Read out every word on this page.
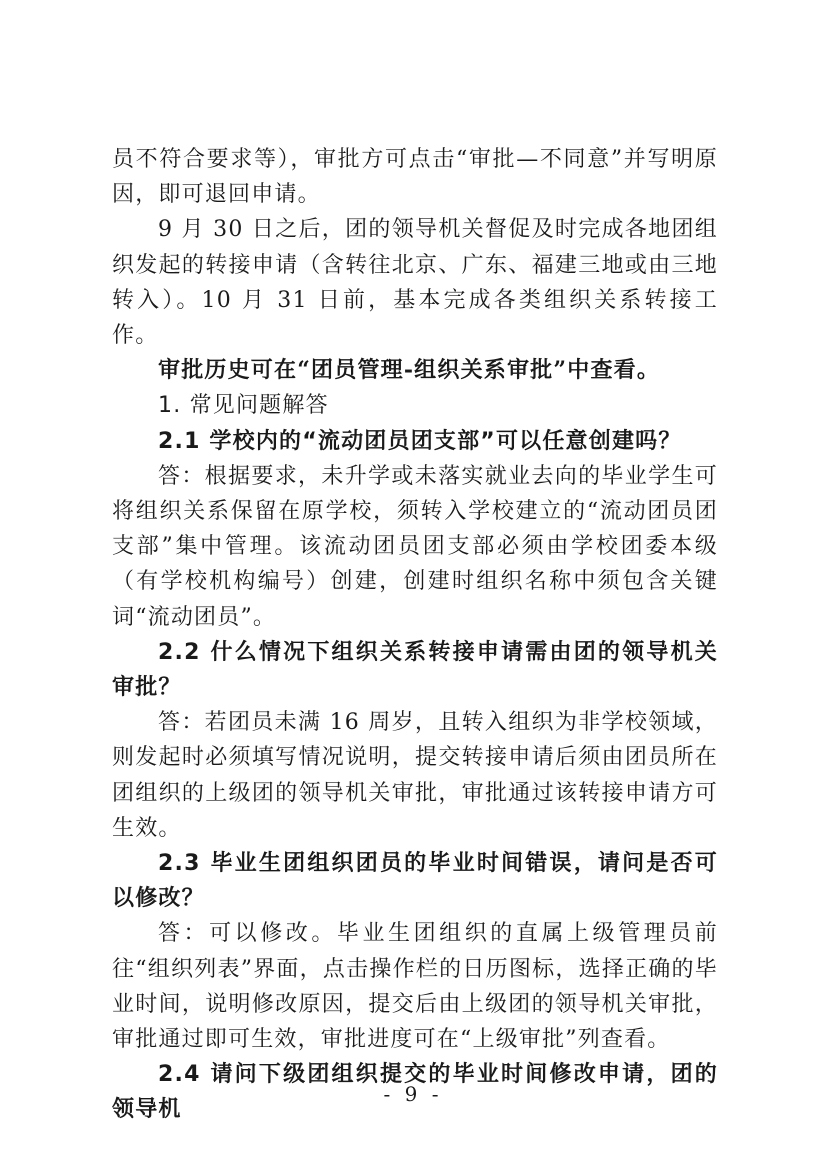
员不符合要求等），审批方可点击“审批—不同意”并写明原因，即可退回申请。

9 月 30 日之后，团的领导机关督促及时完成各地团组织发起的转接申请（含转往北京、广东、福建三地或由三地转入）。10 月 31 日前，基本完成各类组织关系转接工作。

审批历史可在“团员管理-组织关系审批”中查看。

1. 常见问题解答

2.1 学校内的“流动团员团支部”可以任意创建吗？

答：根据要求，未升学或未落实就业去向的毕业学生可将组织关系保留在原学校，须转入学校建立的“流动团员团支部”集中管理。该流动团员团支部必须由学校团委本级（有学校机构编号）创建，创建时组织名称中须包含关键词“流动团员”。

2.2 什么情况下组织关系转接申请需由团的领导机关审批？

答：若团员未满 16 周岁，且转入组织为非学校领域，则发起时必须填写情况说明，提交转接申请后须由团员所在团组织的上级团的领导机关审批，审批通过该转接申请方可生效。

2.3 毕业生团组织团员的毕业时间错误，请问是否可以修改？

答：可以修改。毕业生团组织的直属上级管理员前往“组织列表”界面，点击操作栏的日历图标，选择正确的毕业时间，说明修改原因，提交后由上级团的领导机关审批，审批通过即可生效，审批进度可在“上级审批”列查看。

2.4 请问下级团组织提交的毕业时间修改申请，团的领导机

- 9 -
